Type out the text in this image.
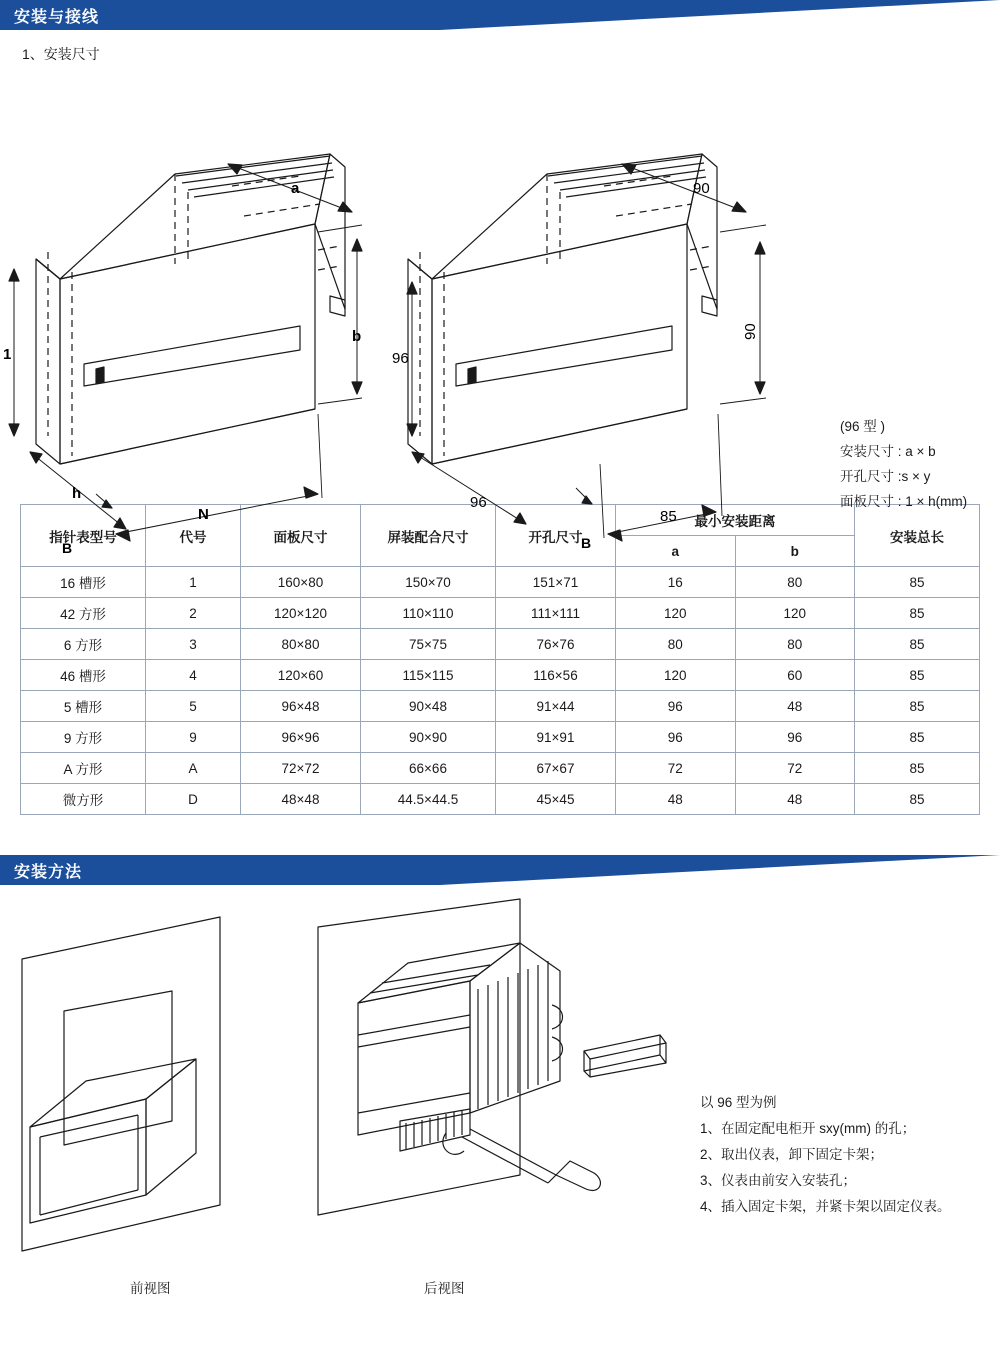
安装与接线
1、安装尺寸
a
b
1
h
N
B
90
90
96
96
85
B
(96 型 )
安装尺寸 : a × b
开孔尺寸 :s × y
面板尺寸 : 1 × h(mm)
指针表型号	代号	面板尺寸	屏装配合尺寸	开孔尺寸	最小安装距离		安装总长
					a	b	
16 槽形	1	160×80	150×70	151×71	16	80	85
42 方形	2	120×120	110×110	111×111	120	120	85
6 方形	3	80×80	75×75	76×76	80	80	85
46 槽形	4	120×60	115×115	116×56	120	60	85
5 槽形	5	96×48	90×48	91×44	96	48	85
9 方形	9	96×96	90×90	91×91	96	96	85
A 方形	A	72×72	66×66	67×67	72	72	85
微方形	D	48×48	44.5×44.5	45×45	48	48	85
安装方法
前视图	后视图
以 96 型为例
1、在固定配电柜开 sxy(mm) 的孔；
2、取出仪表，卸下固定卡架；
3、仪表由前安入安装孔；
4、插入固定卡架，并紧卡架以固定仪表。
